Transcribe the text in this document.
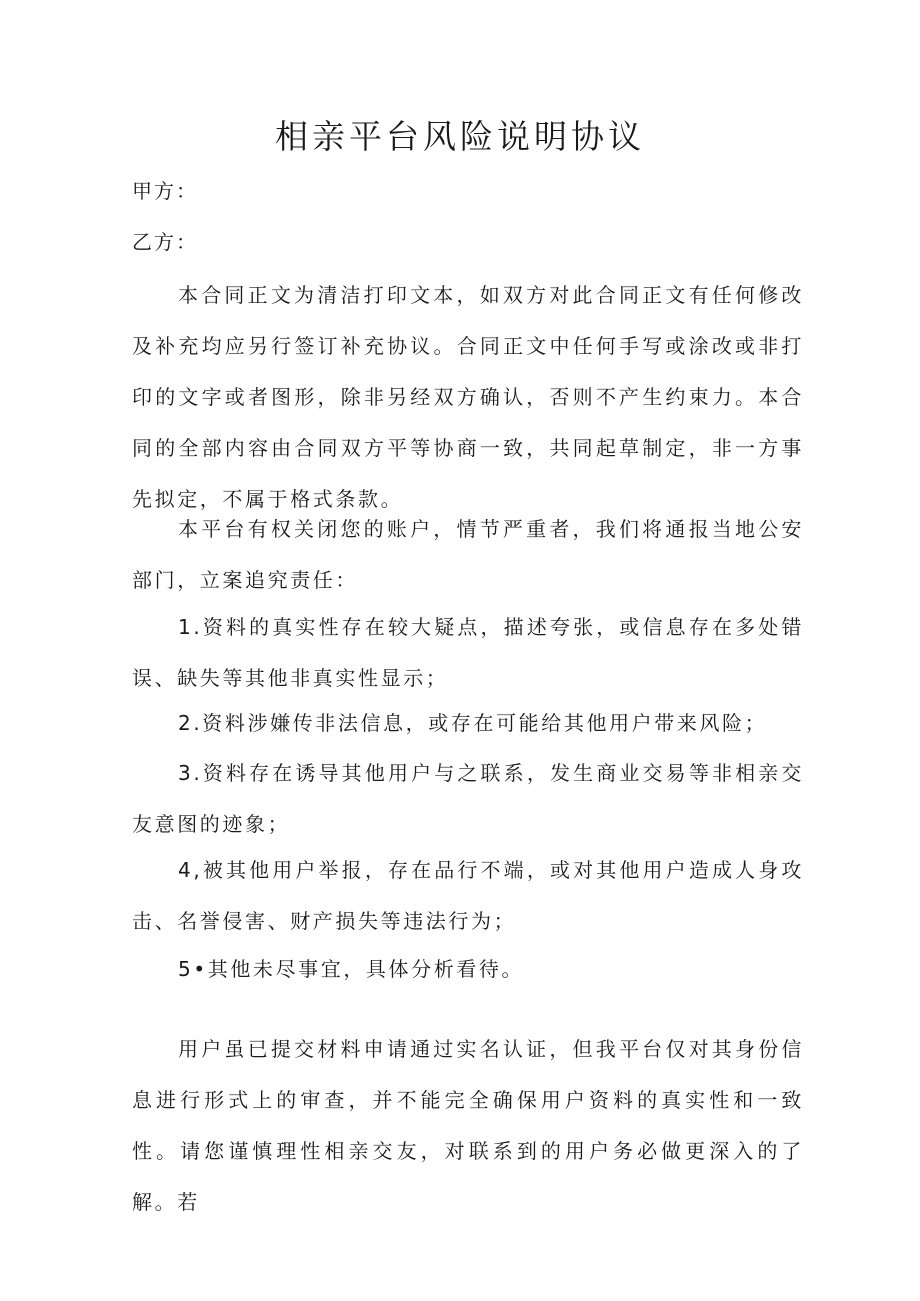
相亲平台风险说明协议
甲方：
乙方：

本合同正文为清洁打印文本，如双方对此合同正文有任何修改及补充均应另行签订补充协议。合同正文中任何手写或涂改或非打印的文字或者图形，除非另经双方确认，否则不产生约束力。本合同的全部内容由合同双方平等协商一致，共同起草制定，非一方事先拟定，不属于格式条款。

本平台有权关闭您的账户，情节严重者，我们将通报当地公安部门，立案追究责任：

1.资料的真实性存在较大疑点，描述夸张，或信息存在多处错误、缺失等其他非真实性显示；

2.资料涉嫌传非法信息，或存在可能给其他用户带来风险；

3.资料存在诱导其他用户与之联系，发生商业交易等非相亲交友意图的迹象；

4,被其他用户举报，存在品行不端，或对其他用户造成人身攻击、名誉侵害、财产损失等违法行为；

5•其他未尽事宜，具体分析看待。

用户虽已提交材料申请通过实名认证，但我平台仅对其身份信息进行形式上的审查，并不能完全确保用户资料的真实性和一致性。请您谨慎理性相亲交友，对联系到的用户务必做更深入的了解。若
